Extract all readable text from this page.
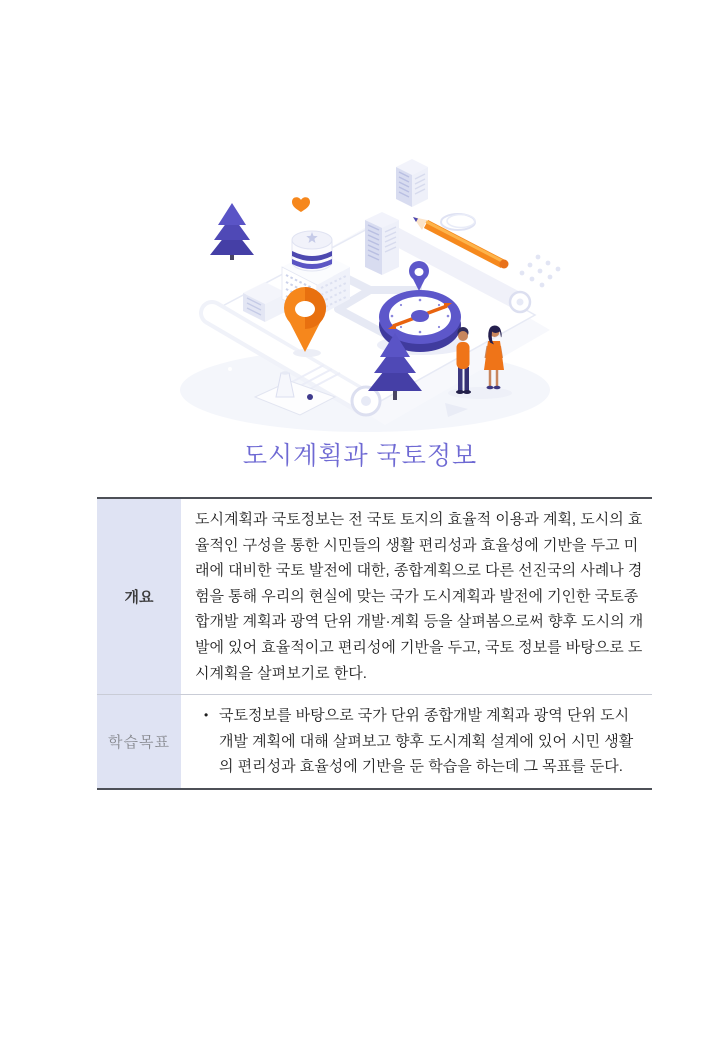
도시계획과 국토정보
개요
도시계획과 국토정보는 전 국토 토지의 효율적 이용과 계획, 도시의 효율적인 구성을 통한 시민들의 생활 편리성과 효율성에 기반을 두고 미래에 대비한 국토 발전에 대한, 종합계획으로 다른 선진국의 사례나 경험을 통해 우리의 현실에 맞는 국가 도시계획과 발전에 기인한 국토종합개발 계획과 광역 단위 개발·계획 등을 살펴봄으로써 향후 도시의 개발에 있어 효율적이고 편리성에 기반을 두고, 국토 정보를 바탕으로 도시계획을 살펴보기로 한다.
학습목표
• 국토정보를 바탕으로 국가 단위 종합개발 계획과 광역 단위 도시 개발 계획에 대해 살펴보고 향후 도시계획 설계에 있어 시민 생활의 편리성과 효율성에 기반을 둔 학습을 하는데 그 목표를 둔다.
